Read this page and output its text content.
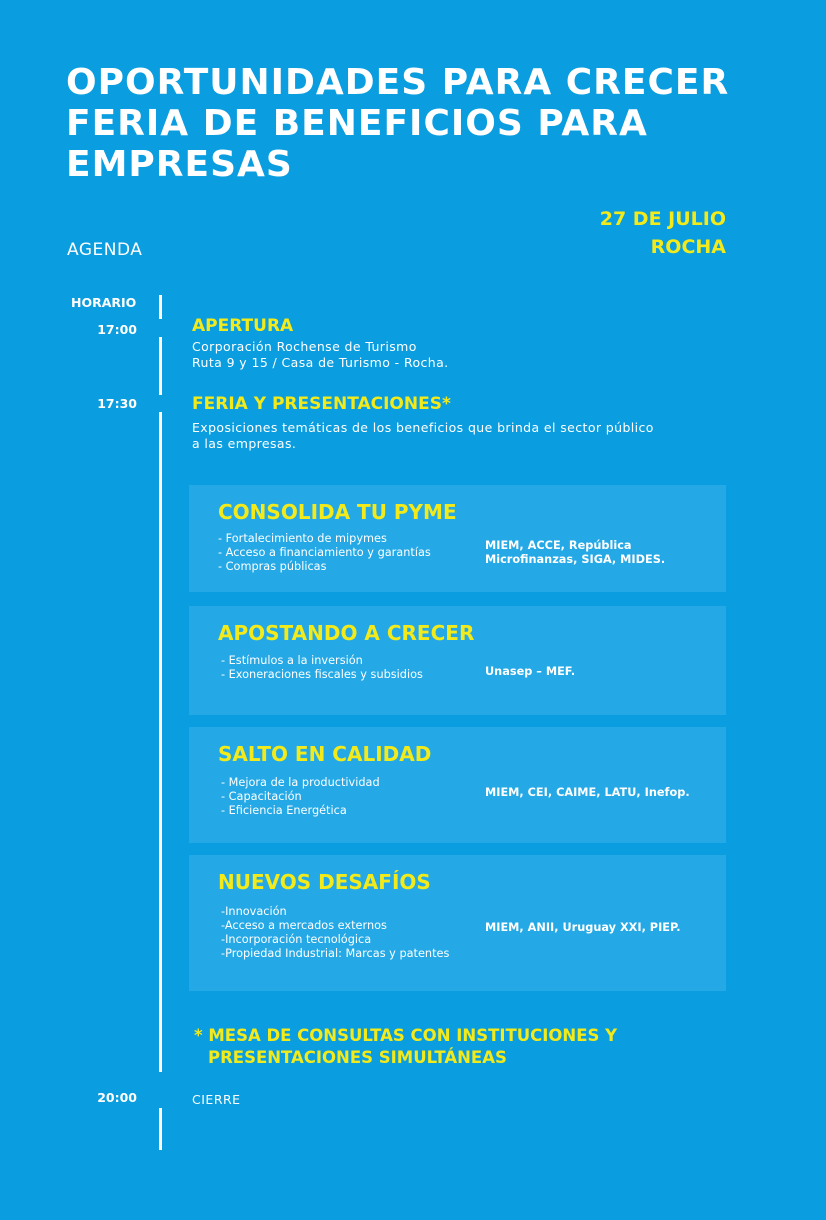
OPORTUNIDADES PARA CRECER
FERIA DE BENEFICIOS PARA
EMPRESAS
27 DE JULIO
ROCHA
AGENDA
HORARIO
17:00	APERTURA
Corporación Rochense de Turismo
Ruta 9 y 15 / Casa de Turismo - Rocha.
17:30	FERIA Y PRESENTACIONES*
Exposiciones temáticas de los beneficios que brinda el sector público
a las empresas.
CONSOLIDA TU PYME
- Fortalecimiento de mipymes
- Acceso a financiamiento y garantías
- Compras públicas
MIEM, ACCE, República Microfinanzas, SIGA, MIDES.
APOSTANDO A CRECER
- Estímulos a la inversión
- Exoneraciones fiscales y subsidios	Unasep – MEF.
SALTO EN CALIDAD
- Mejora de la productividad
- Capacitación
- Eficiencia Energética
MIEM, CEI, CAIME, LATU, Inefop.
NUEVOS DESAFÍOS
-Innovación
-Acceso a mercados externos
-Incorporación tecnológica
-Propiedad Industrial: Marcas y patentes
MIEM, ANII, Uruguay XXI, PIEP.
* MESA DE CONSULTAS CON INSTITUCIONES Y
PRESENTACIONES SIMULTÁNEAS
20:00	CIERRE
